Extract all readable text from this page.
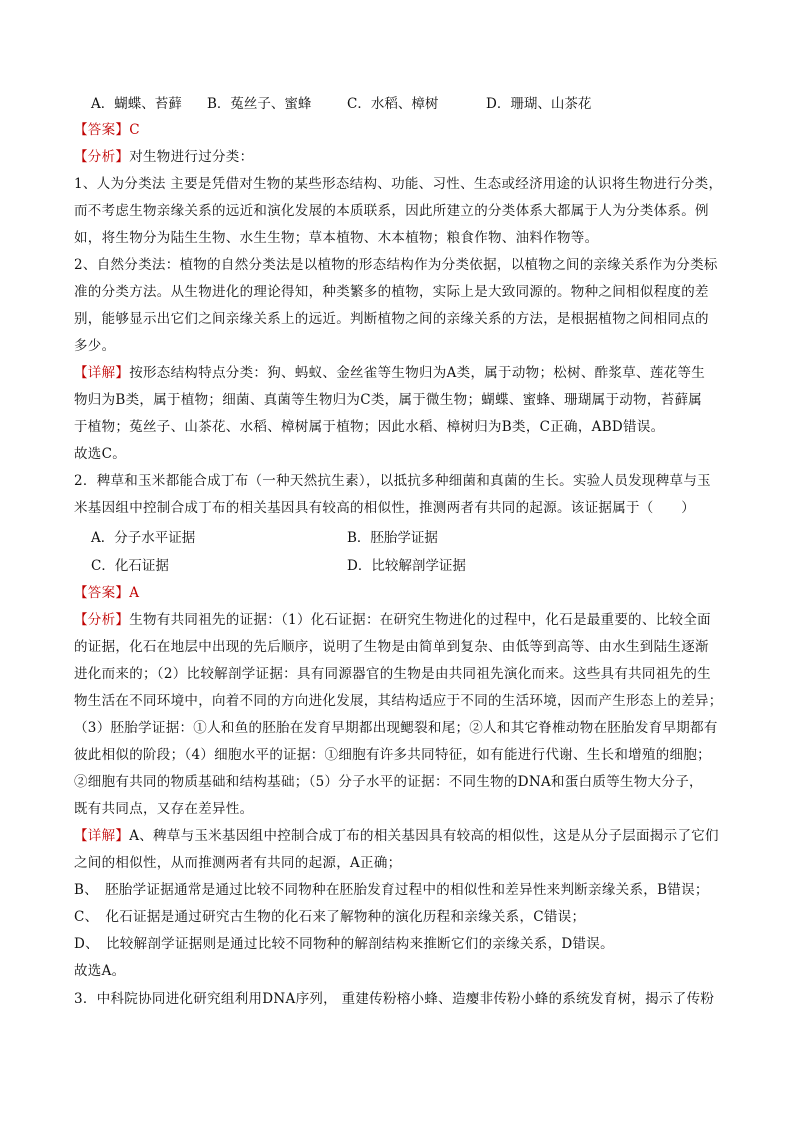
A．蝴蝶、苔藓 B．菟丝子、蜜蜂	C．水稻、樟树	D．珊瑚、山茶花
【答案】C
【分析】对生物进行过分类：
1、人为分类法 主要是凭借对生物的某些形态结构、功能、习性、生态或经济用途的认识将生物进行分类，
而不考虑生物亲缘关系的远近和演化发展的本质联系，因此所建立的分类体系大都属于人为分类体系。例
如，将生物分为陆生生物、水生生物；草本植物、木本植物；粮食作物、油料作物等。
2、自然分类法：植物的自然分类法是以植物的形态结构作为分类依据，以植物之间的亲缘关系作为分类标
准的分类方法。从生物进化的理论得知，种类繁多的植物，实际上是大致同源的。物种之间相似程度的差
别，能够显示出它们之间亲缘关系上的远近。判断植物之间的亲缘关系的方法，是根据植物之间相同点的
多少。
【详解】按形态结构特点分类：狗、蚂蚁、金丝雀等生物归为A类，属于动物；松树、酢浆草、莲花等生
物归为B类，属于植物；细菌、真菌等生物归为C类，属于微生物；蝴蝶、蜜蜂、珊瑚属于动物，苔藓属
于植物；菟丝子、山茶花、水稻、樟树属于植物；因此水稻、樟树归为B类，C正确，ABD错误。
故选C。
2．稗草和玉米都能合成丁布（一种天然抗生素），以抵抗多种细菌和真菌的生长。实验人员发现稗草与玉
米基因组中控制合成丁布的相关基因具有较高的相似性，推测两者有共同的起源。该证据属于（　　）
A．分子水平证据	B．胚胎学证据
C．化石证据	D．比较解剖学证据
【答案】A
【分析】生物有共同祖先的证据：（1）化石证据：在研究生物进化的过程中，化石是最重要的、比较全面
的证据，化石在地层中出现的先后顺序，说明了生物是由简单到复杂、由低等到高等、由水生到陆生逐渐
进化而来的；（2）比较解剖学证据：具有同源器官的生物是由共同祖先演化而来。这些具有共同祖先的生
物生活在不同环境中，向着不同的方向进化发展，其结构适应于不同的生活环境，因而产生形态上的差异；
（3）胚胎学证据：①人和鱼的胚胎在发育早期都出现鳃裂和尾；②人和其它脊椎动物在胚胎发育早期都有
彼此相似的阶段；（4）细胞水平的证据：①细胞有许多共同特征，如有能进行代谢、生长和增殖的细胞；
②细胞有共同的物质基础和结构基础；（5）分子水平的证据：不同生物的DNA和蛋白质等生物大分子，
既有共同点，又存在差异性。
【详解】A、稗草与玉米基因组中控制合成丁布的相关基因具有较高的相似性，这是从分子层面揭示了它们
之间的相似性，从而推测两者有共同的起源，A正确；
B、　胚胎学证据通常是通过比较不同物种在胚胎发育过程中的相似性和差异性来判断亲缘关系，B错误；
C、　化石证据是通过研究古生物的化石来了解物种的演化历程和亲缘关系，C错误；
D、　比较解剖学证据则是通过比较不同物种的解剖结构来推断它们的亲缘关系，D错误。
故选A。
3．中科院协同进化研究组利用DNA序列， 重建传粉榕小蜂、造瘿非传粉小蜂的系统发育树，揭示了传粉
